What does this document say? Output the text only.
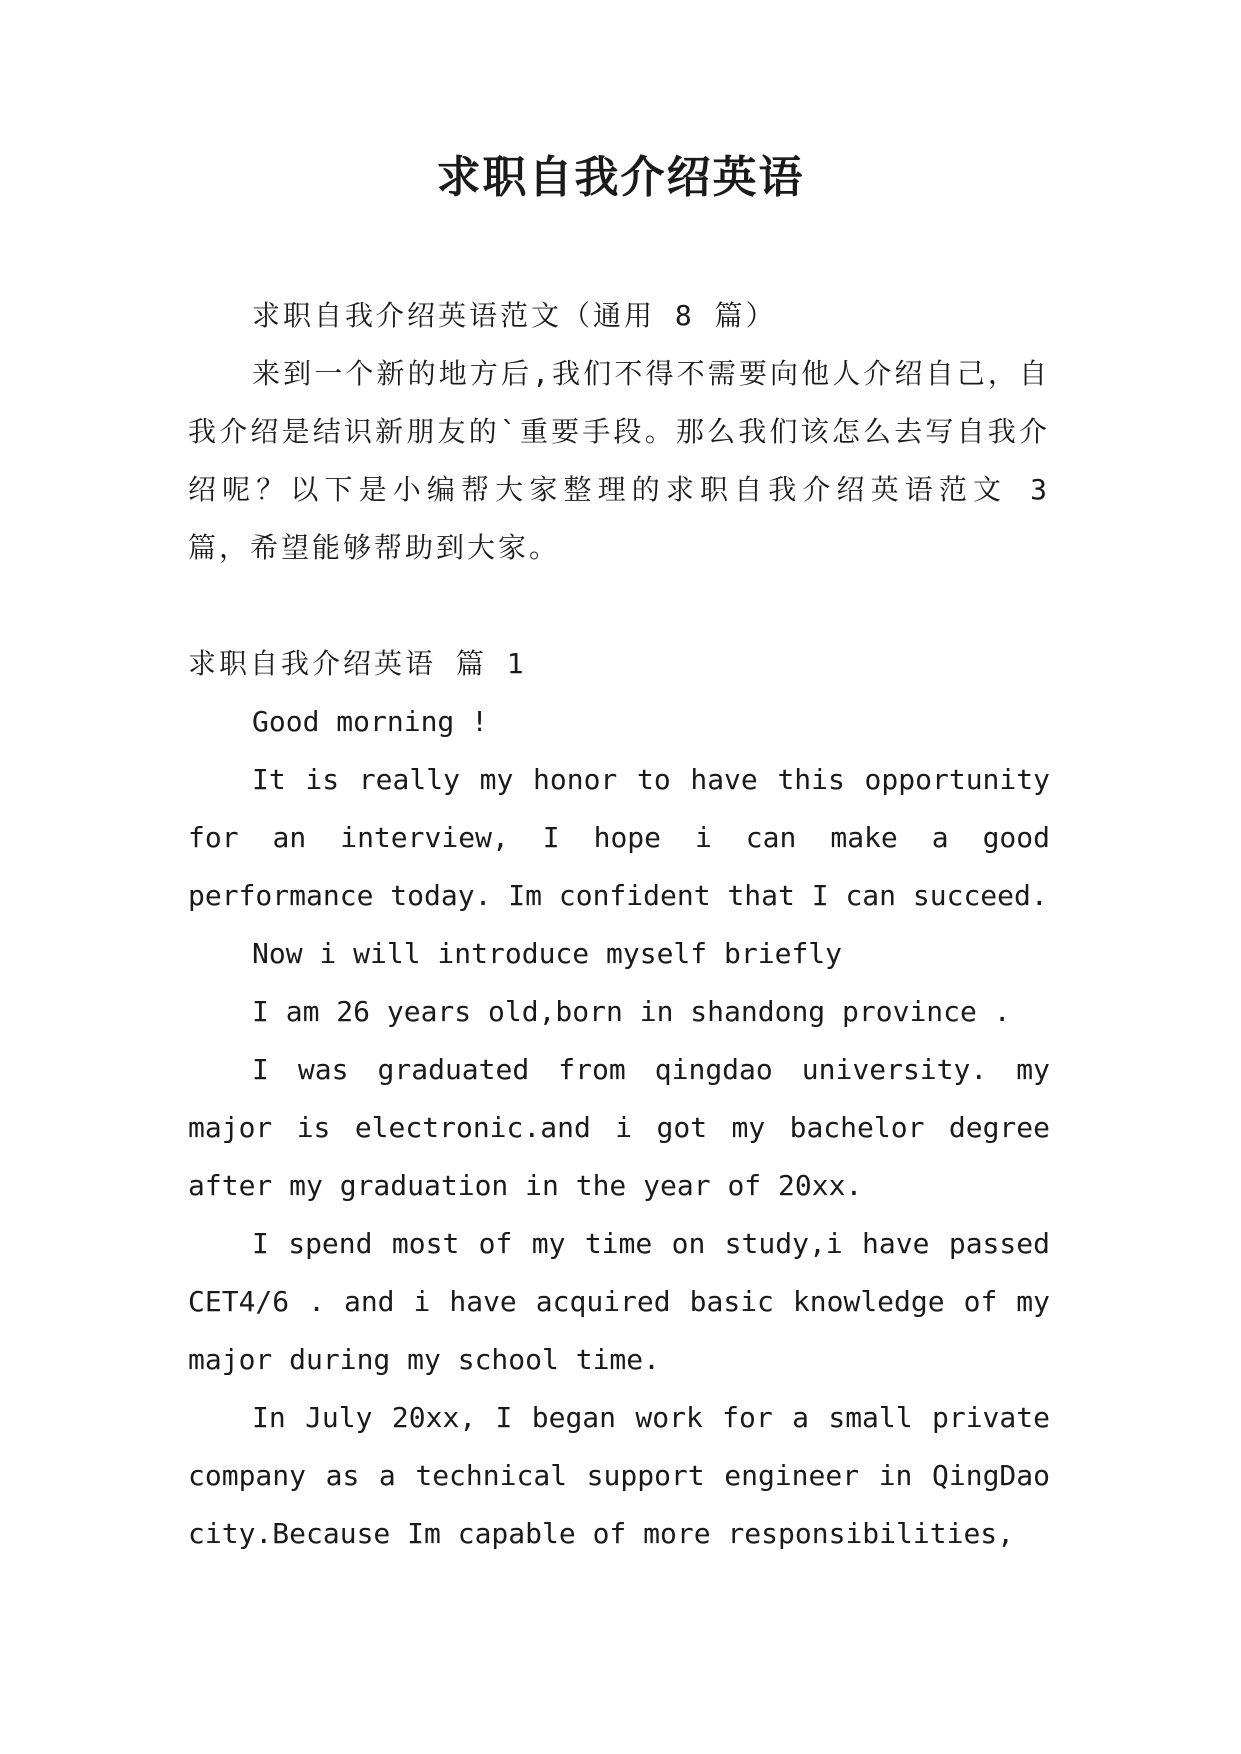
求职自我介绍英语

求职自我介绍英语范文（通用 8 篇）

来到一个新的地方后,我们不得不需要向他人介绍自己，自我介绍是结识新朋友的`重要手段。那么我们该怎么去写自我介绍呢？以下是小编帮大家整理的求职自我介绍英语范文 3 篇，希望能够帮助到大家。

求职自我介绍英语 篇 1

Good morning !

It is really my honor to have this opportunity for an interview, I hope i can make a good performance today. Im confident that I can succeed.

Now i will introduce myself briefly

I am 26 years old,born in shandong province .

I was graduated from qingdao university. my major is electronic.and i got my bachelor degree after my graduation in the year of 20xx.

I spend most of my time on study,i have passed CET4/6 . and i have acquired basic knowledge of my major during my school time.

In July 20xx, I began work for a small private company as a technical support engineer in QingDao city.Because Im capable of more responsibilities,
